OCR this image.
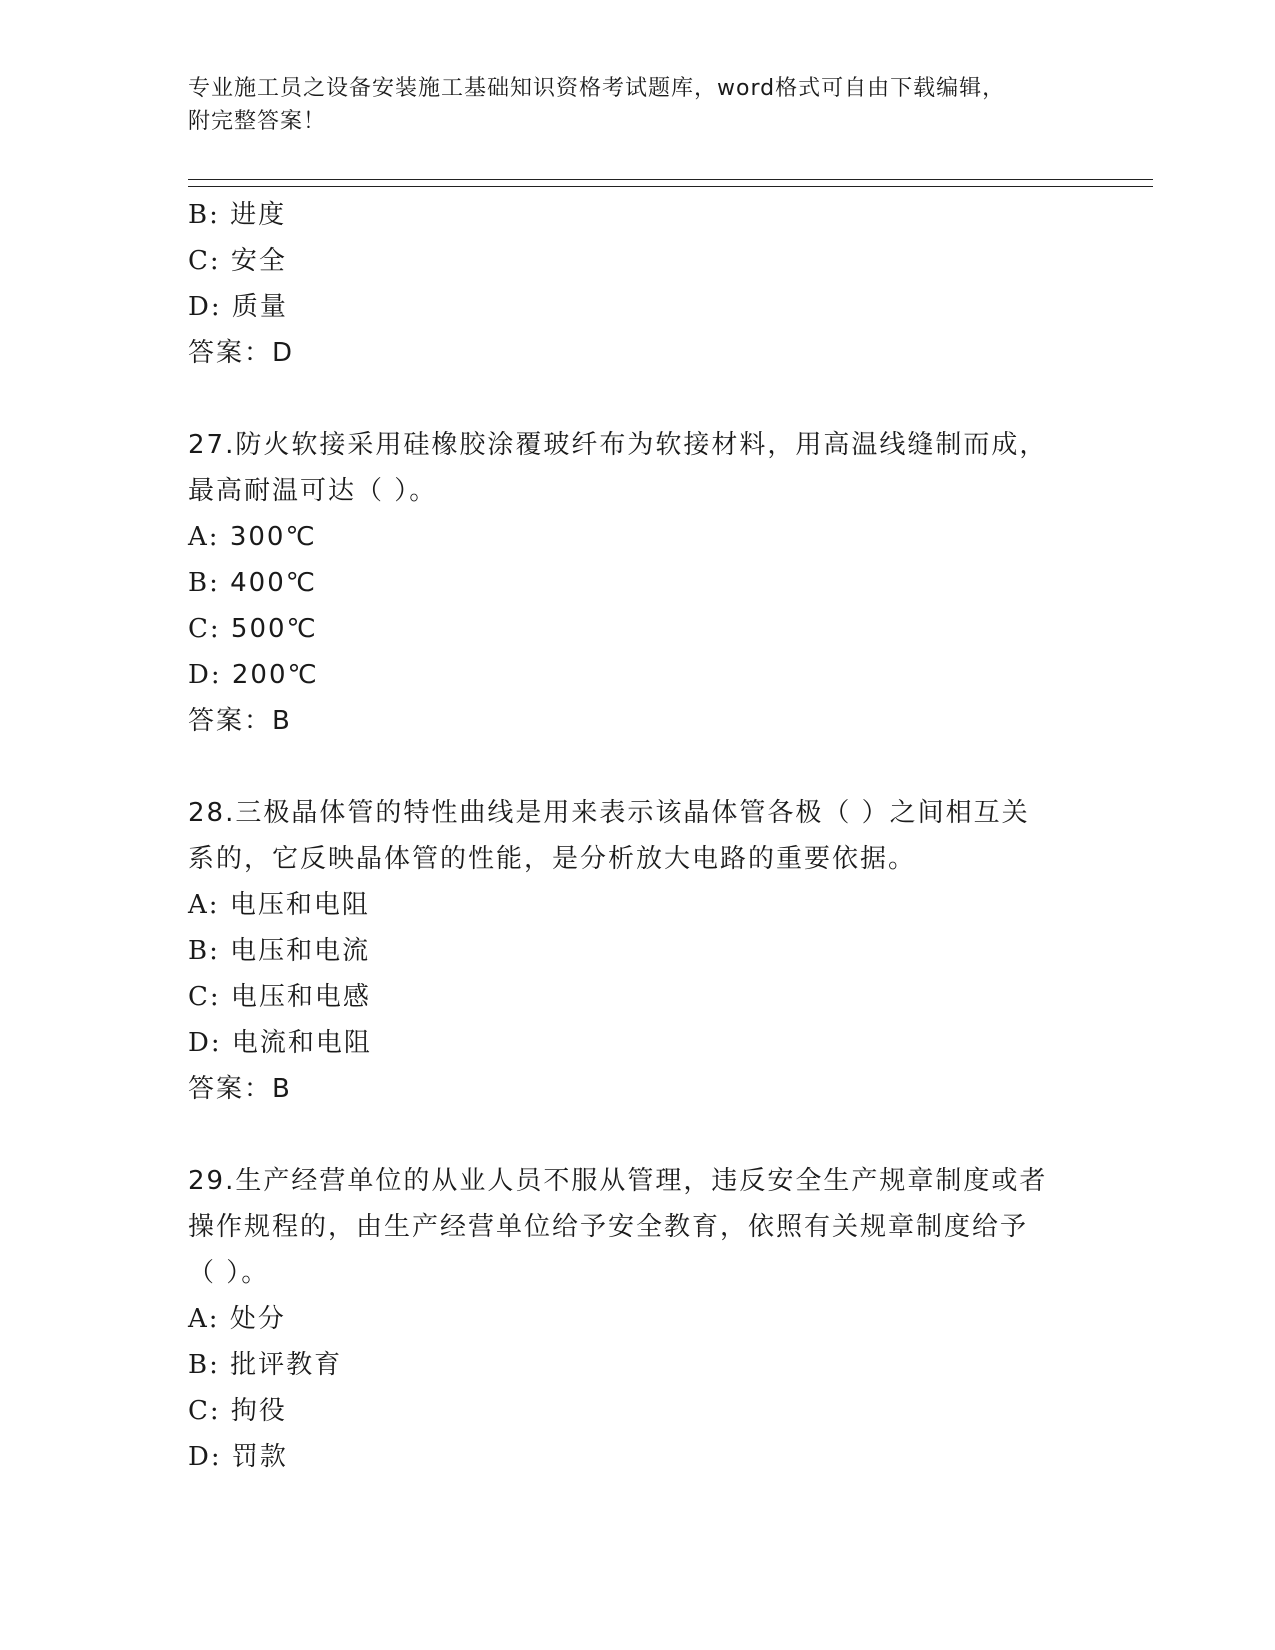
专业施工员之设备安装施工基础知识资格考试题库，word格式可自由下载编辑，
附完整答案！
B: 进度
C: 安全
D: 质量
答案：D
27.防火软接采用硅橡胶涂覆玻纤布为软接材料，用高温线缝制而成，
最高耐温可达（ ）。
A: 300℃
B: 400℃
C: 500℃
D: 200℃
答案：B
28.三极晶体管的特性曲线是用来表示该晶体管各极（ ）之间相互关
系的，它反映晶体管的性能，是分析放大电路的重要依据。
A: 电压和电阻
B: 电压和电流
C: 电压和电感
D: 电流和电阻
答案：B
29.生产经营单位的从业人员不服从管理，违反安全生产规章制度或者
操作规程的，由生产经营单位给予安全教育，依照有关规章制度给予
（ ）。
A: 处分
B: 批评教育
C: 拘役
D: 罚款
